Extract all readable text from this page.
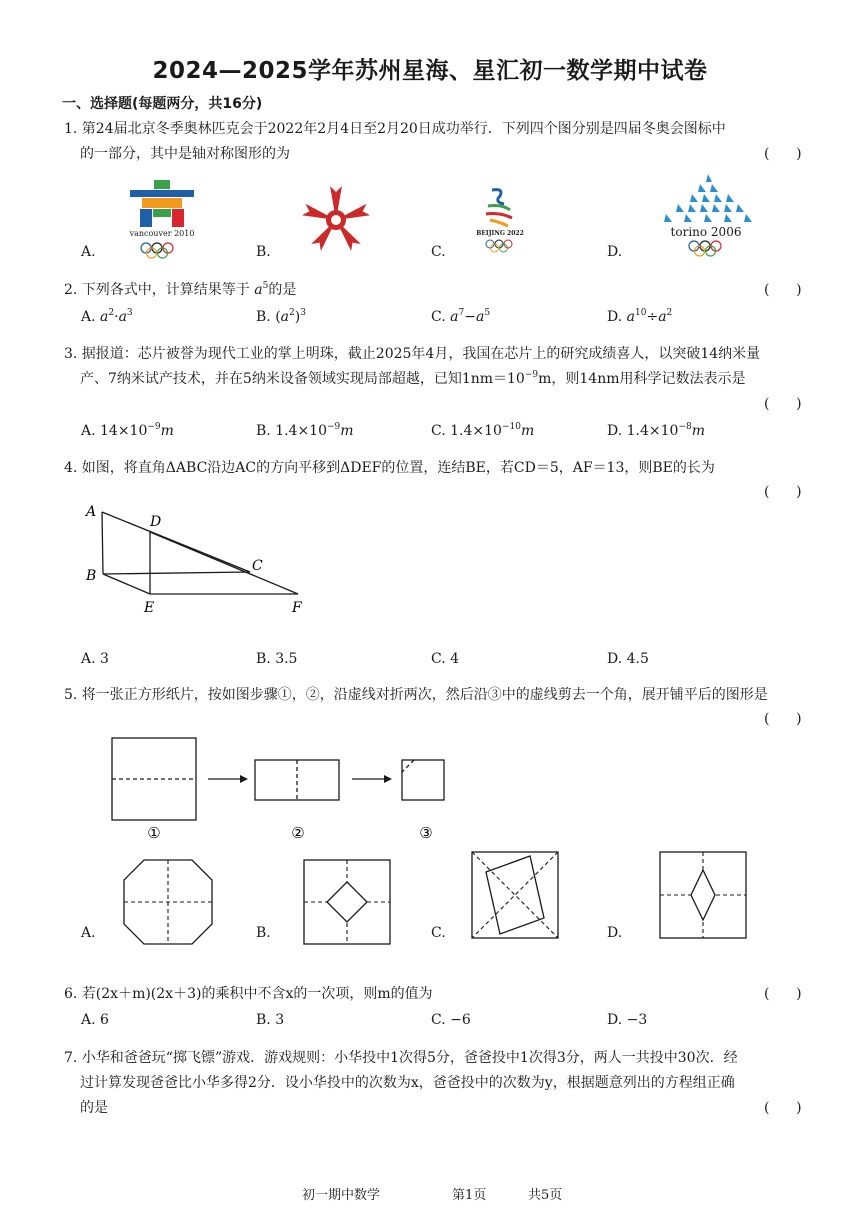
2024—2025学年苏州星海、星汇初一数学期中试卷
一、选择题(每题两分，共16分)
1. 第24届北京冬季奥林匹克会于2022年2月4日至2月20日成功举行．下列四个图分别是四届冬奥会图标中
的一部分，其中是轴对称图形的为	(      )
vancouver 2010	BEIJING 2022	torino 2006
A.	B.	C.	D.
2. 下列各式中，计算结果等于 $a^5$的是	(      )
A. $a^2\cdot a^3$	B. $(a^2)^3$	C. $a^7-a^5$	D. $a^{10}\div a^2$
3. 据报道：芯片被誉为现代工业的掌上明珠，截止2025年4月，我国在芯片上的研究成绩喜人，以突破14纳米量
产、7纳米试产技术，并在5纳米设备领域实现局部超越，已知$1nm=10^{-9}m$，则14nm用科学记数法表示是
(      )
A. $14\times 10^{-9}m$	B. $1.4\times 10^{-9}m$	C. $1.4\times 10^{-10}m$	D. $1.4\times 10^{-8}m$
4. 如图，将直角ΔABC沿边AC的方向平移到ΔDEF的位置，连结BE，若CD＝5，AF＝13，则BE的长为
(      )
A
D
B
C
E	F
A. 3	B. 3.5	C. 4	D. 4.5
5. 将一张正方形纸片，按如图步骤①，②，沿虚线对折两次，然后沿③中的虚线剪去一个角，展开铺平后的图形是
(      )
①	②	③
A.	B.	C.	D.
6. 若(2x＋m)(2x＋3)的乘积中不含x的一次项，则m的值为	(      )
A. 6	B. 3	C. −6	D. −3
7. 小华和爸爸玩“掷飞镖”游戏．游戏规则：小华投中1次得5分，爸爸投中1次得3分，两人一共投中30次．经
过计算发现爸爸比小华多得2分．设小华投中的次数为x，爸爸投中的次数为y，根据题意列出的方程组正确
的是	(      )
初一期中数学	第1页	共5页
